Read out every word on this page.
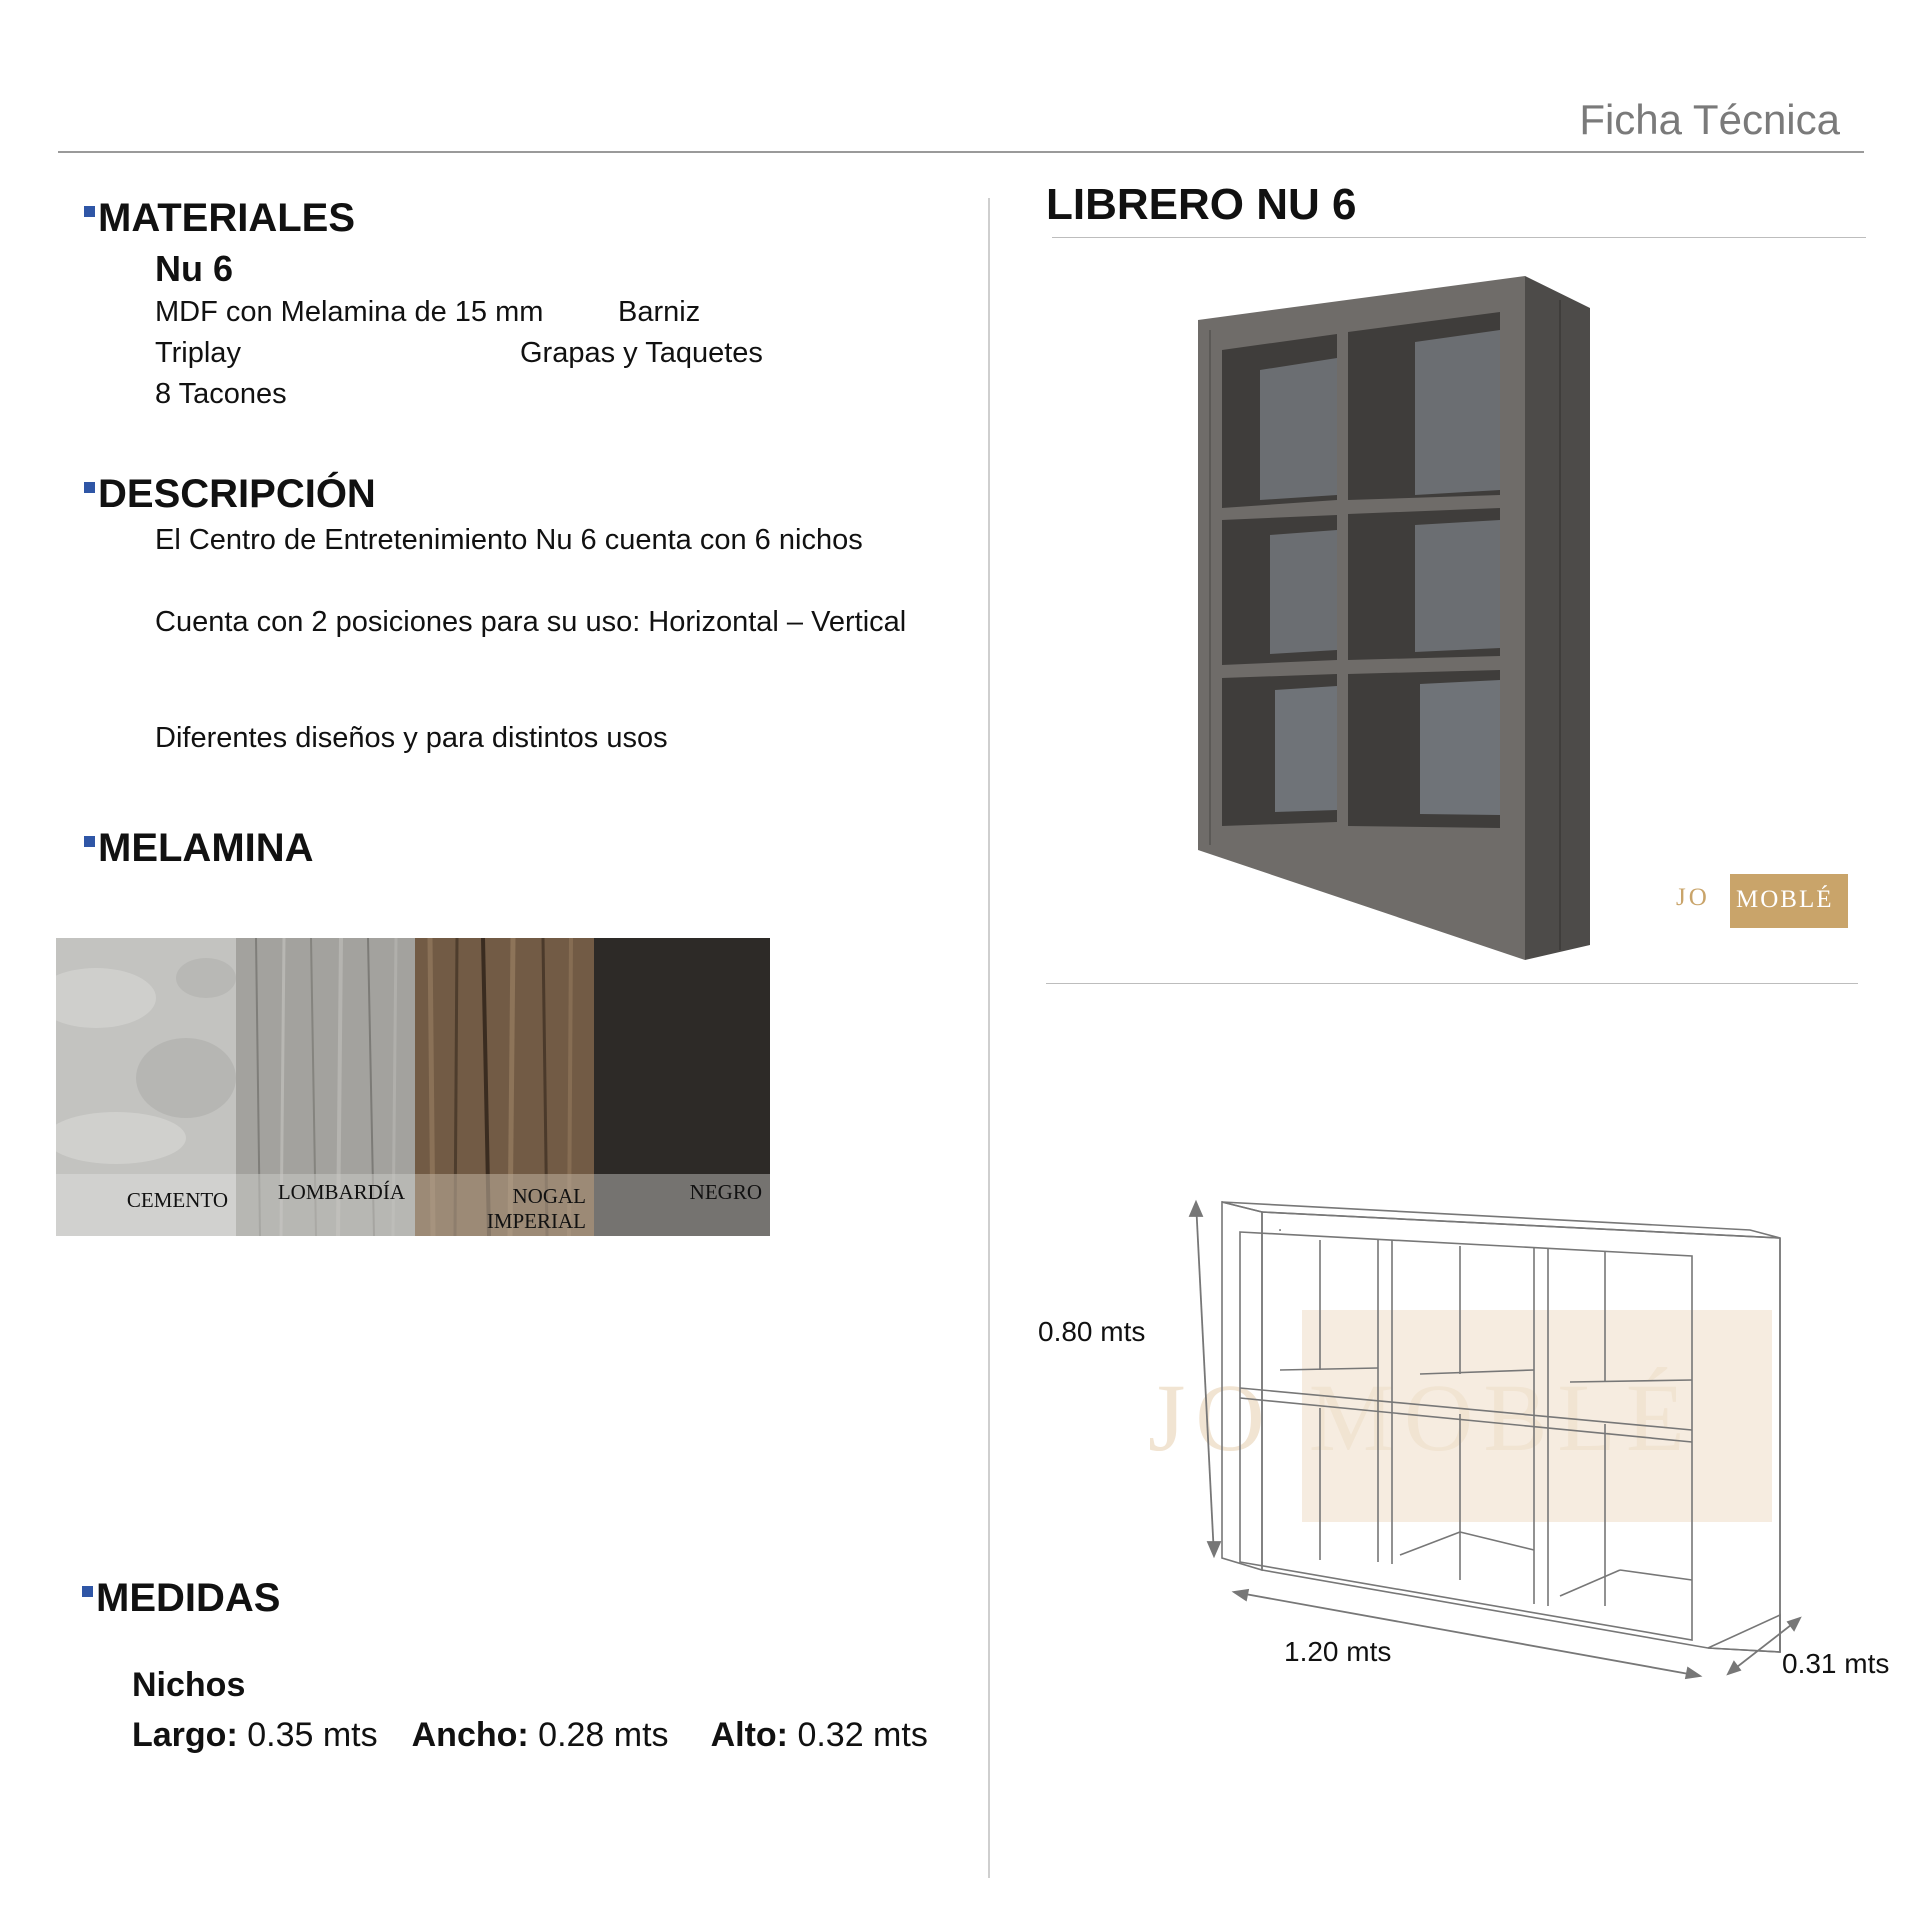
Ficha Técnica
MATERIALES
Nu 6
MDF con Melamina de 15 mm	Barniz
Triplay	Grapas y Taquetes
8 Tacones
DESCRIPCIÓN
El Centro de Entretenimiento Nu 6 cuenta con 6 nichos
Cuenta con 2 posiciones para su uso: Horizontal – Vertical
Diferentes diseños y para distintos usos
MELAMINA
CEMENTO LOMBARDÍA	NOGAL
IMPERIAL
NEGRO
MEDIDAS
Nichos
Largo: 0.35 mts Ancho: 0.28 mts Alto: 0.32 mts
LIBRERO NU 6
JO MOBLÉ
JO MOBLÉ
0.80 mts
1.20 mts	0.31 mts
